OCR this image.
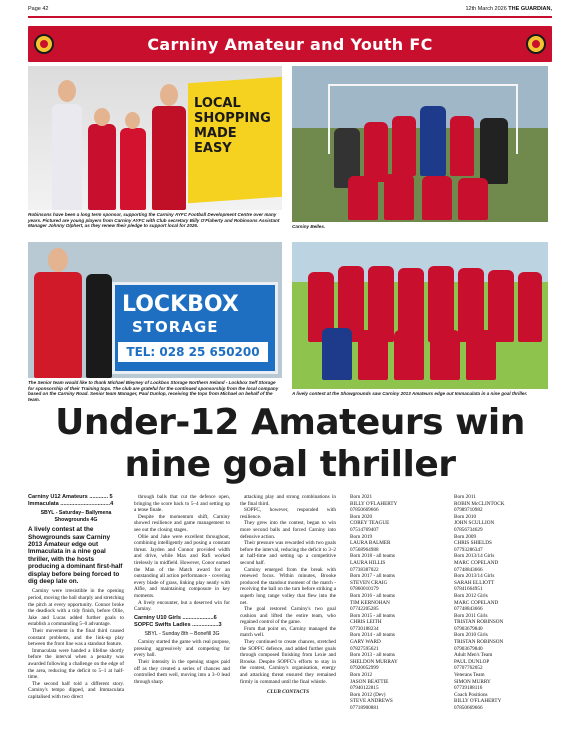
Page 42	12th March 2026 THE GUARDIAN,
Carniny Amateur and Youth FC
LOCAL SHOPPING MADE EASY
Robinsons have been a long term sponsor, supporting the Carniny AYFC Football Development Centre over many years. Pictured are young players from Carniny AYFC with Club secretary Billy O'Flaherty and Robinsons Assistant Manager Johnny Olphert, as they renew their pledge to support local for 2026.	Carniny Belles.
LOCKBOX
STORAGE
TEL: 028 25 650200
The Senior team would like to thank Michael Bleyney of Lockbox Storage Northern Ireland - Lockbox Self Storage for sponsorship of their Training tops. The club are grateful for the continued sponsorship from the local company based on the Carniny Road. Senior team Manager, Paul Dunlop, receiving the tops from Michael on behalf of the team.
A lively contest at the Showgrounds saw Carniny 2013 Amateurs edge out Immaculata in a nine goal thriller.
Under-12 Amateurs win
nine goal thriller

Carniny U12 Amateurs ............ 5

Immaculata ................................4

SBYL - Saturday– Ballymena Showgrounds 4G

A lively contest at the Showgrounds saw Carniny 2013 Amateur edge out Immaculata in a nine goal thriller, with the hosts producing a dominant first-half display before being forced to dig deep late on.

Carniny were irresistible in the opening period, moving the ball sharply and stretching the pitch at every opportunity. Connor broke the deadlock with a tidy finish, before Ollie, Jake and Lucas added further goals to establish a commanding 5–0 advantage.

Their movement in the final third caused constant problems, and the link-up play between the front line was a standout feature.

Immaculata were handed a lifeline shortly before the interval when a penalty was awarded following a challenge on the edge of the area, reducing the deficit to 5–1 at half-time.

The second half told a different story. Carniny's tempo dipped, and Immaculata capitalised with two direct

through balls that cut the defence open, bringing the score back to 5–4 and setting up a tense finale.

Despite the momentum shift, Carniny showed resilience and game management to see out the closing stages.

Ollie and Jake were excellent throughout, combining intelligently and posing a constant threat. Jayden and Connor provided width and drive, while Max and Rafi worked tirelessly in midfield. However, Conor earned the Man of the Match award for an outstanding all action performance - covering every blade of grass, linking play neatly with Alfie, and maintaining composure in key moments.

A lively encounter, but a deserved win for Carniny.

Carniny U10 Girls ....................6

SOPFC Swifts Ladies .................3

SBYL - Sunday 8th – Bonefill 3G

Carniny started the game with real purpose, pressing aggressively and competing for every ball.

Their intensity in the opening stages paid off as they created a series of chances and controlled them well, moving into a 3–0 lead through sharp

attacking play and strong combinations in the final third.

SOPFC, however, responded with resilience.

They grew into the contest, began to win more second balls and forced Carniny into defensive action.

Their pressure was rewarded with two goals before the interval, reducing the deficit to 3–2 at half-time and setting up a competitive second half.

Carniny emerged from the break with renewed focus. Within minutes, Brooke produced the standout moment of the match - receiving the ball on the turn before striking a superb long range volley that flew into the net.

The goal restored Carniny's two goal cushion and lifted the entire team, who regained control of the game.

From that point on, Carniny managed the match well.

They continued to create chances, stretched the SOPFC defence, and added further goals through composed finishing from Lexie and Brooke. Despite SOPFC's efforts to stay in the contest, Carniny's organisation, energy and attacking threat ensured they remained firmly in command until the final whistle.

CLUB CONTACTS

Born 2021

BILLY O'FLAHERTY

07850669666

Born 2020

COREY TEAGUE

07514769407

Born 2019

LAURA BALMER

07568964988

Born 2018 - all teams

LAURA HILLIS

07738387022

Born 2017 - all teams

STEVEN CRAIG

07860010179

Born 2016 - all teams

TIM KERNOHAN

07742205285

Born 2015 - all teams

CHRIS LEITH

07730188234

Born 2014 - all teams

GARY WARD

07827595621

Born 2013 - all teams

SHELDON MURRAY

07920052999

Born 2012

JASON BEATTIE

07940122815

Born 2012 (Dev)

STEVE ANDREWS

07718900881

Born 2011

ROBIN McCLINTOCK

07989710982

Born 2010

JOHN SCULLION

07856734629

Born 2009

CHRIS SHIELDS

07793286347

Born 2013/14 Girls

MARC COPELAND

07748843666

Born 2013/14 Girls

SARAH ELLIOTT

07841664951

Born 2012 Girls

MARC COPELAND

07748843666

Born 2011 Girls

TRISTAN ROBINSON

07903679840

Born 2010 Girls

TRISTAN ROBINSON

07903679840

Adult Men's Team

PAUL DUNLOP

07707762052

Veterans Team

SIMON MURRY

07739188116

Coach Positions

BILLY O'FLAHERTY

07850669666
